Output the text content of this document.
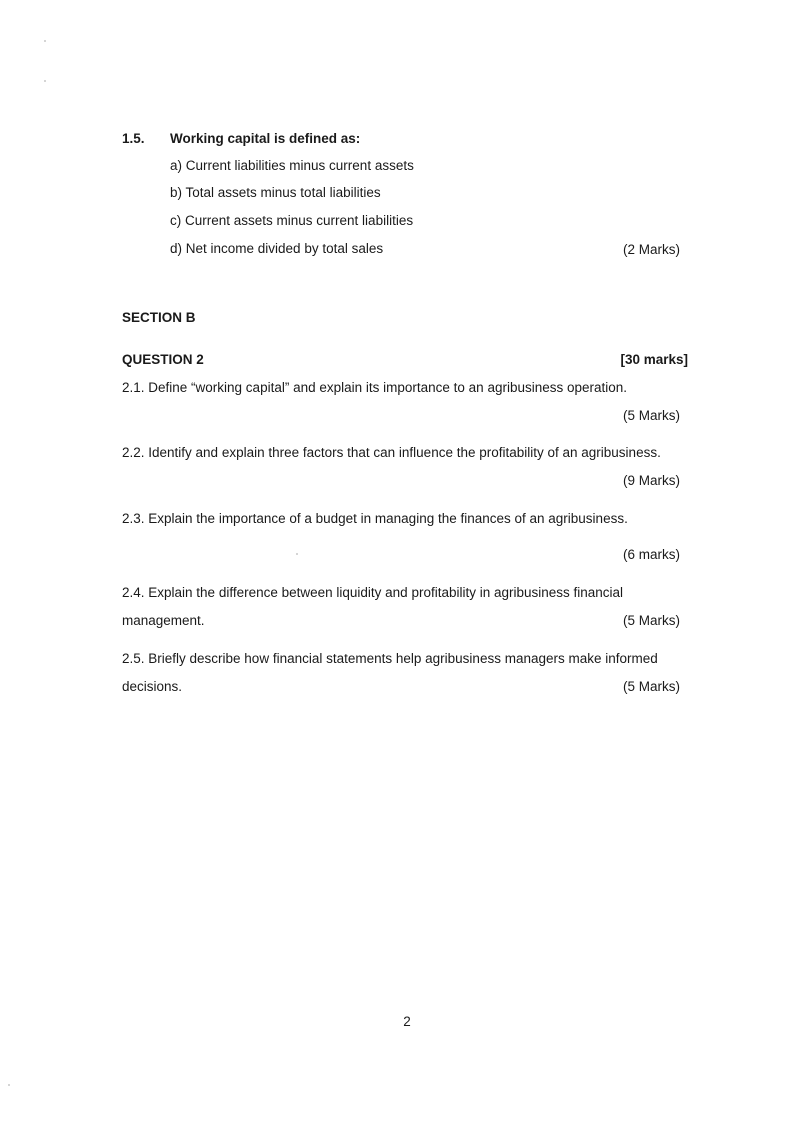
1.5. Working capital is defined as:
a) Current liabilities minus current assets
b) Total assets minus total liabilities
c) Current assets minus current liabilities
d) Net income divided by total sales	(2 Marks)
SECTION B
QUESTION 2	[30 marks]
2.1. Define “working capital” and explain its importance to an agribusiness operation.
(5 Marks)
2.2. Identify and explain three factors that can influence the profitability of an agribusiness.
(9 Marks)
2.3. Explain the importance of a budget in managing the finances of an agribusiness.
(6 marks)
2.4. Explain the difference between liquidity and profitability in agribusiness financial
management.	(5 Marks)
2.5. Briefly describe how financial statements help agribusiness managers make informed
decisions.	(5 Marks)
2
